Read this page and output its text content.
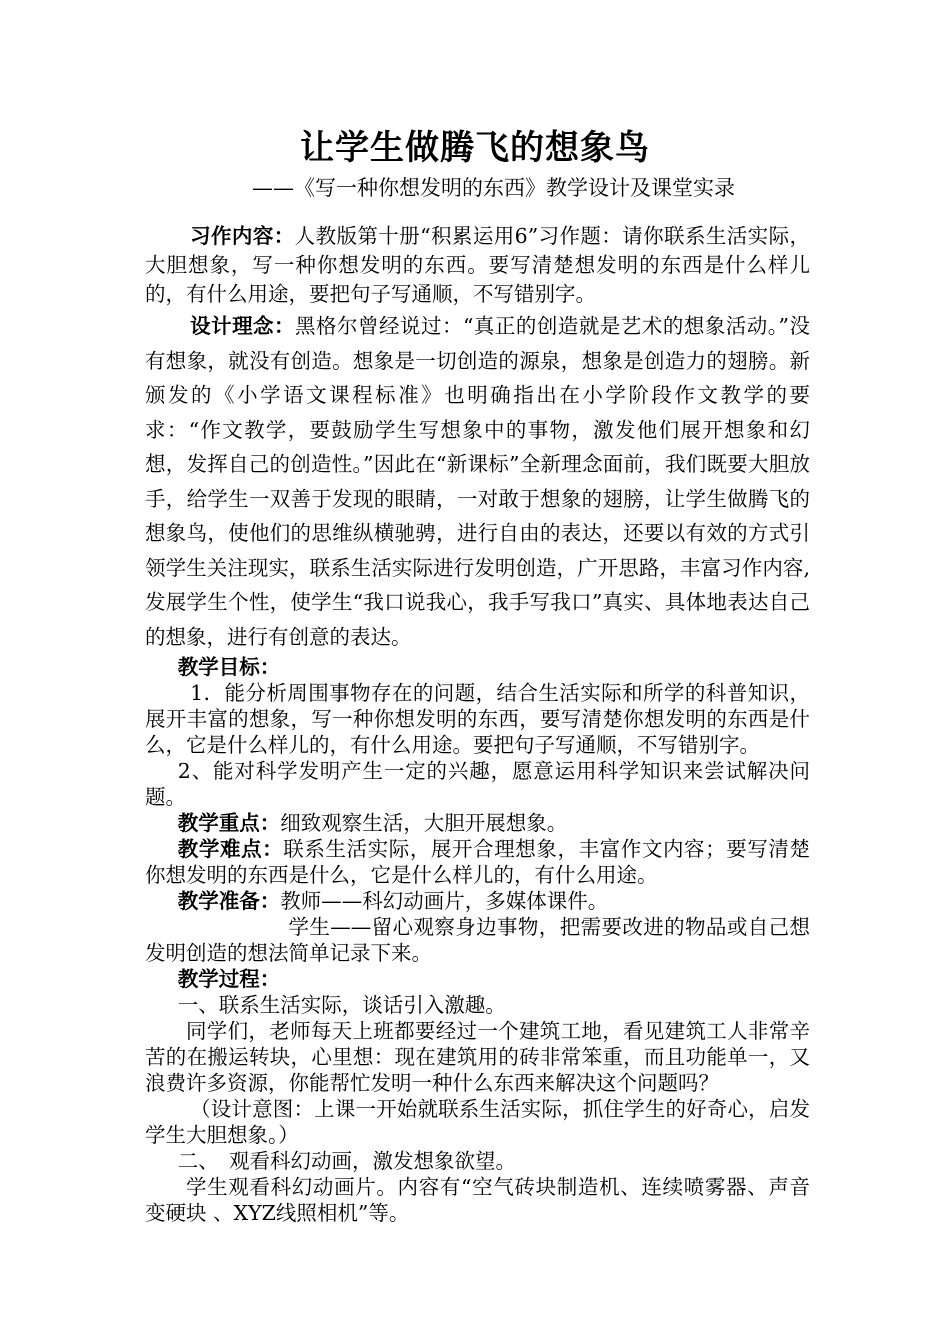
让学生做腾飞的想象鸟
——《写一种你想发明的东西》教学设计及课堂实录

习作内容：人教版第十册“积累运用6”习作题：请你联系生活实际，大胆想象，写一种你想发明的东西。要写清楚想发明的东西是什么样儿的，有什么用途，要把句子写通顺，不写错别字。

设计理念：黑格尔曾经说过：“真正的创造就是艺术的想象活动。”没有想象，就没有创造。想象是一切创造的源泉，想象是创造力的翅膀。新颁发的《小学语文课程标准》也明确指出在小学阶段作文教学的要求：“作文教学，要鼓励学生写想象中的事物，激发他们展开想象和幻想，发挥自己的创造性。”因此在“新课标”全新理念面前，我们既要大胆放手，给学生一双善于发现的眼睛，一对敢于想象的翅膀，让学生做腾飞的想象鸟，使他们的思维纵横驰骋，进行自由的表达，还要以有效的方式引领学生关注现实，联系生活实际进行发明创造，广开思路，丰富习作内容,发展学生个性，使学生“我口说我心，我手写我口”真实、具体地表达自己的想象，进行有创意的表达。

教学目标：

1．能分析周围事物存在的问题，结合生活实际和所学的科普知识，展开丰富的想象，写一种你想发明的东西，要写清楚你想发明的东西是什么，它是什么样儿的，有什么用途。要把句子写通顺，不写错别字。

2、能对科学发明产生一定的兴趣，愿意运用科学知识来尝试解决问题。

教学重点：细致观察生活，大胆开展想象。

教学难点：联系生活实际，展开合理想象，丰富作文内容；要写清楚你想发明的东西是什么，它是什么样儿的，有什么用途。

教学准备：教师——科幻动画片，多媒体课件。

学生——留心观察身边事物，把需要改进的物品或自己想发明创造的想法简单记录下来。

教学过程：

一、联系生活实际，谈话引入激趣。

同学们，老师每天上班都要经过一个建筑工地，看见建筑工人非常辛苦的在搬运转块，心里想：现在建筑用的砖非常笨重，而且功能单一，又浪费许多资源，你能帮忙发明一种什么东西来解决这个问题吗？

（设计意图：上课一开始就联系生活实际，抓住学生的好奇心，启发学生大胆想象。）

二、　观看科幻动画，激发想象欲望。

学生观看科幻动画片。内容有“空气砖块制造机、连续喷雾器、声音变硬块 、XYZ线照相机”等。
